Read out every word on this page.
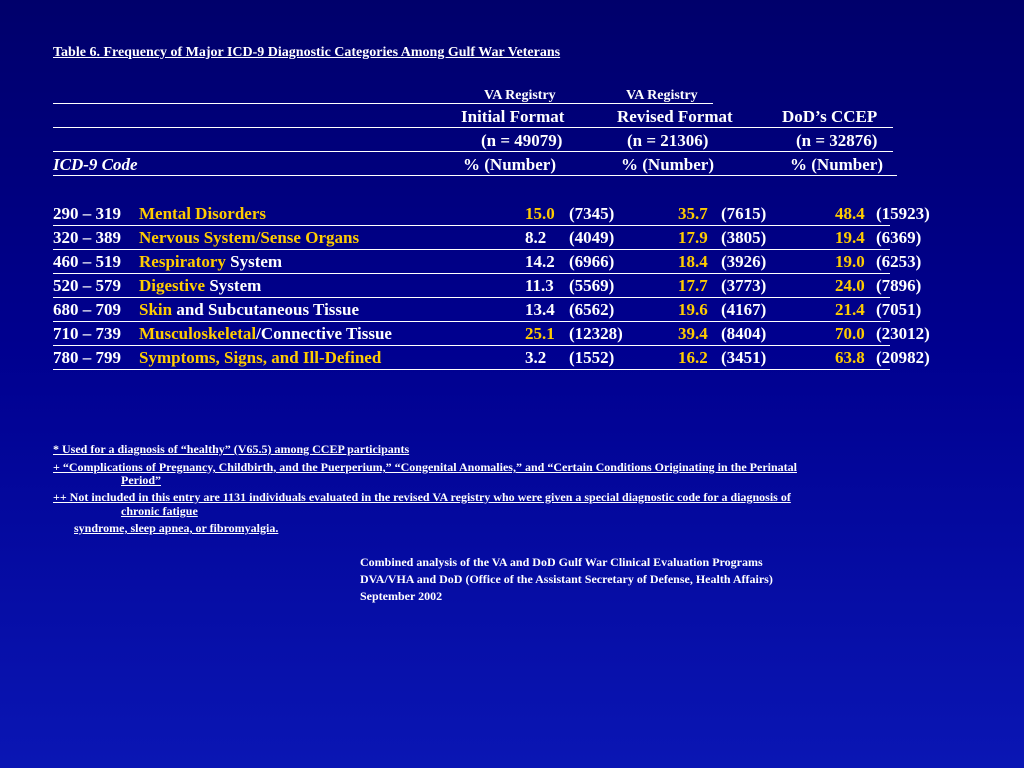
Table 6. Frequency of Major ICD-9 Diagnostic Categories Among Gulf War Veterans
VA Registry	VA Registry
Initial Format	Revised Format	DoD’s CCEP
(n = 49079)	(n = 21306)	(n = 32876)
ICD-9 Code	% (Number)	% (Number)	% (Number)
290 – 319 Mental Disorders	15.0 (7345)	35.7 (7615)	48.4 (15923)
320 – 389 Nervous System/Sense Organs	8.2 (4049)	17.9 (3805)	19.4 (6369)
460 – 519 Respiratory System	14.2 (6966)	18.4 (3926)	19.0 (6253)
520 – 579 Digestive System	11.3 (5569)	17.7 (3773)	24.0 (7896)
680 – 709 Skin and Subcutaneous Tissue	13.4 (6562)	19.6 (4167)	21.4 (7051)
710 – 739 Musculoskeletal/Connective Tissue	25.1 (12328)	39.4 (8404)	70.0 (23012)
780 – 799 Symptoms, Signs, and Ill-Defined	3.2 (1552)	16.2 (3451)	63.8 (20982)
* Used for a diagnosis of “healthy” (V65.5) among CCEP participants
+ “Complications of Pregnancy, Childbirth, and the Puerperium,” “Congenital Anomalies,” and “Certain Conditions Originating in the Perinatal
Period”
++ Not included in this entry are 1131 individuals evaluated in the revised VA registry who were given a special diagnostic code for a diagnosis of
chronic fatigue
syndrome, sleep apnea, or fibromyalgia.
Combined analysis of the VA and DoD Gulf War Clinical Evaluation Programs
DVA/VHA and DoD (Office of the Assistant Secretary of Defense, Health Affairs)
September 2002
